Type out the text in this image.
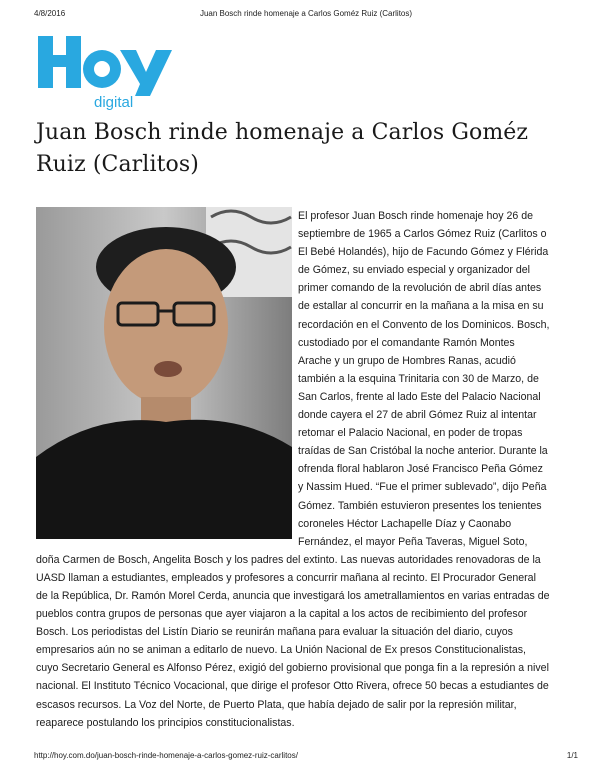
4/8/2016	Juan Bosch rinde homenaje a Carlos Goméz Ruiz (Carlitos)
digital
Juan Bosch rinde homenaje a Carlos Goméz Ruiz (Carlitos)

El profesor Juan Bosch rinde homenaje hoy 26 de septiembre de 1965 a Carlos Gómez Ruiz (Carlitos o El Bebé Holandés), hijo de Facundo Gómez y Flérida de Gómez, su enviado especial y organizador del primer comando de la revolución de abril días antes de estallar al concurrir en la mañana a la misa en su recordación en el Convento de los Dominicos. Bosch, custodiado por el comandante Ramón Montes Arache y un grupo de Hombres Ranas, acudió también a la esquina Trinitaria con 30 de Marzo, de San Carlos, frente al lado Este del Palacio Nacional donde cayera el 27 de abril Gómez Ruiz al intentar retomar el Palacio Nacional, en poder de tropas traídas de San Cristóbal la noche anterior. Durante la ofrenda floral hablaron José Francisco Peña Gómez y Nassim Hued. “Fue el primer sublevado”, dijo Peña Gómez. También estuvieron presentes los tenientes coroneles Héctor Lachapelle Díaz y Caonabo Fernández, el mayor Peña Taveras, Miguel Soto, doña Carmen de Bosch, Angelita Bosch y los padres del extinto. Las nuevas autoridades renovadoras de la UASD llaman a estudiantes, empleados y profesores a concurrir mañana al recinto. El Procurador General de la República, Dr. Ramón Morel Cerda, anuncia que investigará los ametrallamientos en varias entradas de pueblos contra grupos de personas que ayer viajaron a la capital a los actos de recibimiento del profesor Bosch. Los periodistas del Listín Diario se reunirán mañana para evaluar la situación del diario, cuyos empresarios aún no se animan a editarlo de nuevo. La Unión Nacional de Ex presos Constitucionalistas, cuyo Secretario General es Alfonso Pérez, exigió del gobierno provisional que ponga fin a la represión a nivel nacional. El Instituto Técnico Vocacional, que dirige el profesor Otto Rivera, ofrece 50 becas a estudiantes de escasos recursos. La Voz del Norte, de Puerto Plata, que había dejado de salir por la represión militar, reaparece postulando los principios constitucionalistas.

http://hoy.com.do/juan-bosch-rinde-homenaje-a-carlos-gomez-ruiz-carlitos/	1/1
